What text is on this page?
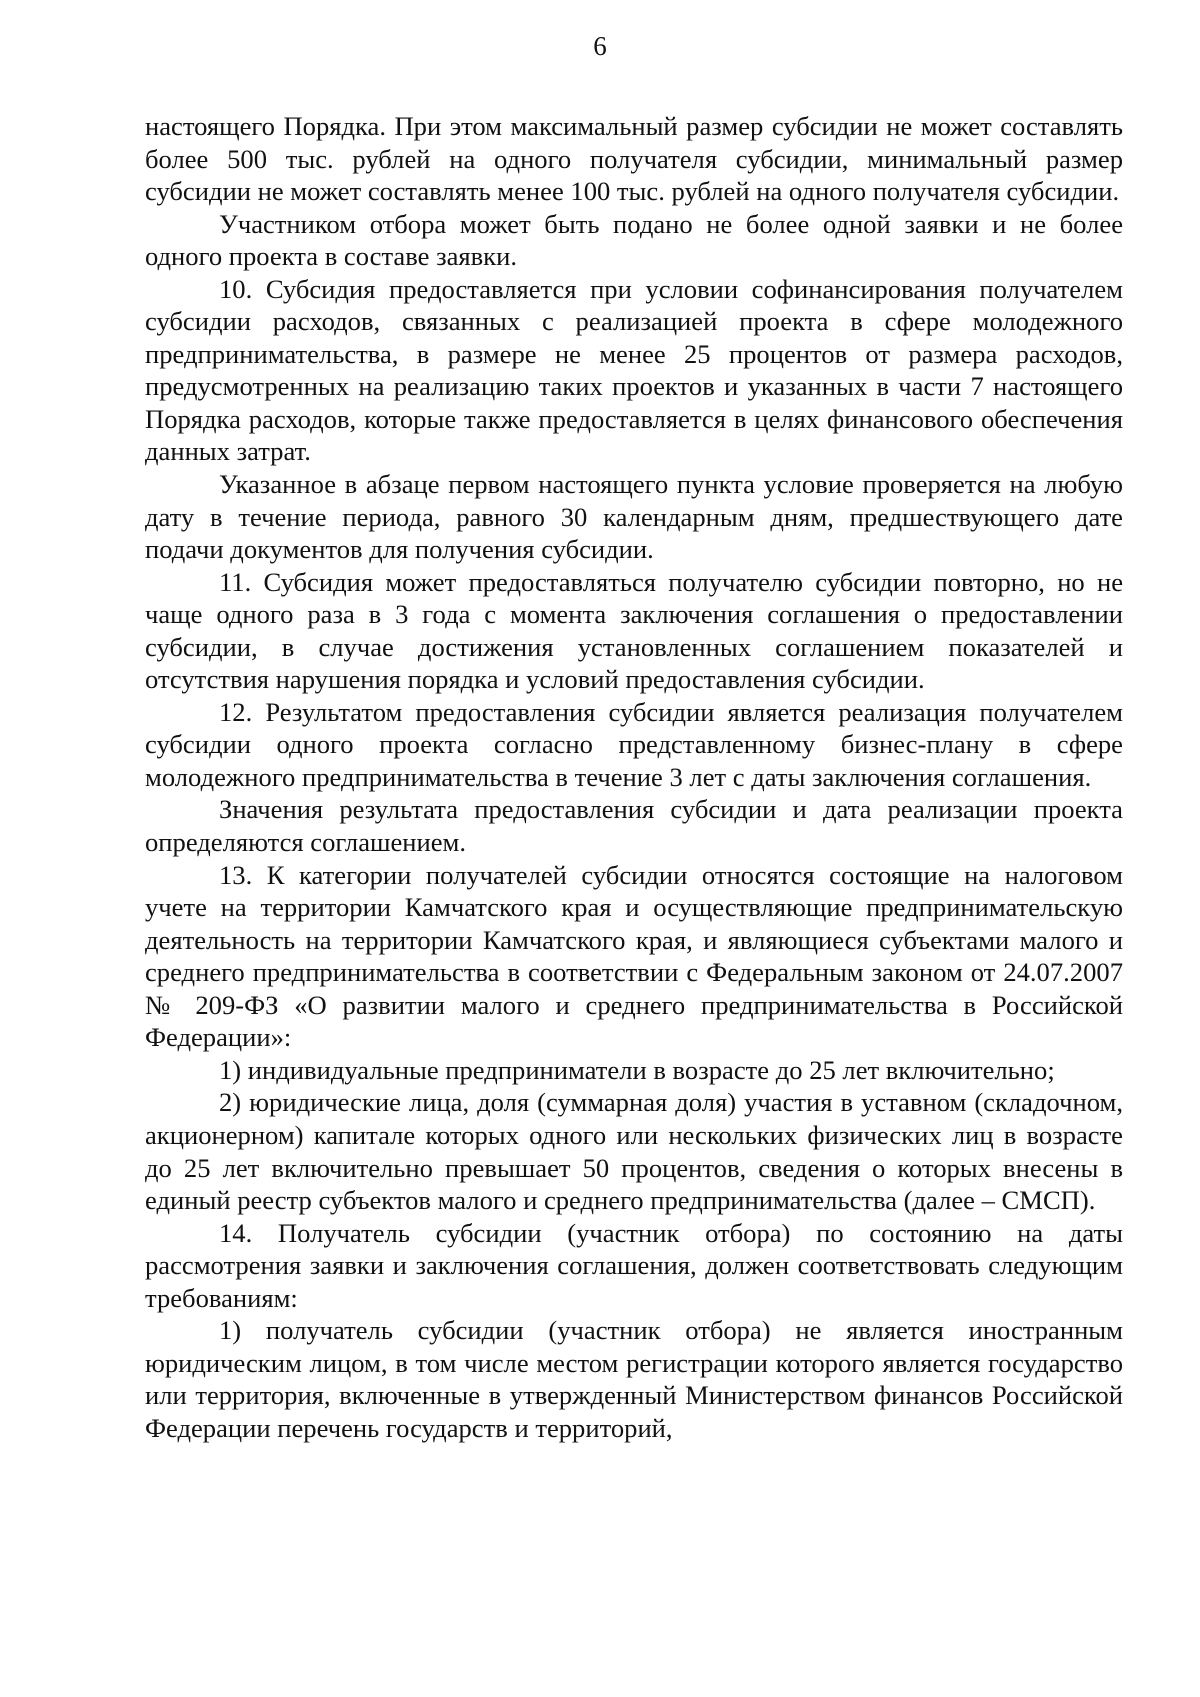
6

настоящего Порядка. При этом максимальный размер субсидии не может составлять более 500 тыс. рублей на одного получателя субсидии, минимальный размер субсидии не может составлять менее 100 тыс. рублей на одного получателя субсидии.

Участником отбора может быть подано не более одной заявки и не более одного проекта в составе заявки.

10. Субсидия предоставляется при условии софинансирования получателем субсидии расходов, связанных с реализацией проекта в сфере молодежного предпринимательства, в размере не менее 25 процентов от размера расходов, предусмотренных на реализацию таких проектов и указанных в части 7 настоящего Порядка расходов, которые также предоставляется в целях финансового обеспечения данных затрат.

Указанное в абзаце первом настоящего пункта условие проверяется на любую дату в течение периода, равного 30 календарным дням, предшествующего дате подачи документов для получения субсидии.

11. Субсидия может предоставляться получателю субсидии повторно, но не чаще одного раза в 3 года с момента заключения соглашения о предоставлении субсидии, в случае достижения установленных соглашением показателей и отсутствия нарушения порядка и условий предоставления субсидии.

12. Результатом предоставления субсидии является реализация получателем субсидии одного проекта согласно представленному бизнес-плану в сфере молодежного предпринимательства в течение 3 лет с даты заключения соглашения.

Значения результата предоставления субсидии и дата реализации проекта определяются соглашением.

13. К категории получателей субсидии относятся состоящие на налоговом учете на территории Камчатского края и осуществляющие предпринимательскую деятельность на территории Камчатского края, и являющиеся субъектами малого и среднего предпринимательства в соответствии с Федеральным законом от 24.07.2007 № 209-ФЗ «О развитии малого и среднего предпринимательства в Российской Федерации»:

1) индивидуальные предприниматели в возрасте до 25 лет включительно;

2) юридические лица, доля (суммарная доля) участия в уставном (складочном, акционерном) капитале которых одного или нескольких физических лиц в возрасте до 25 лет включительно превышает 50 процентов, сведения о которых внесены в единый реестр субъектов малого и среднего предпринимательства (далее – СМСП).

14. Получатель субсидии (участник отбора) по состоянию на даты рассмотрения заявки и заключения соглашения, должен соответствовать следующим требованиям:

1) получатель субсидии (участник отбора) не является иностранным юридическим лицом, в том числе местом регистрации которого является государство или территория, включенные в утвержденный Министерством финансов Российской Федерации перечень государств и территорий,
